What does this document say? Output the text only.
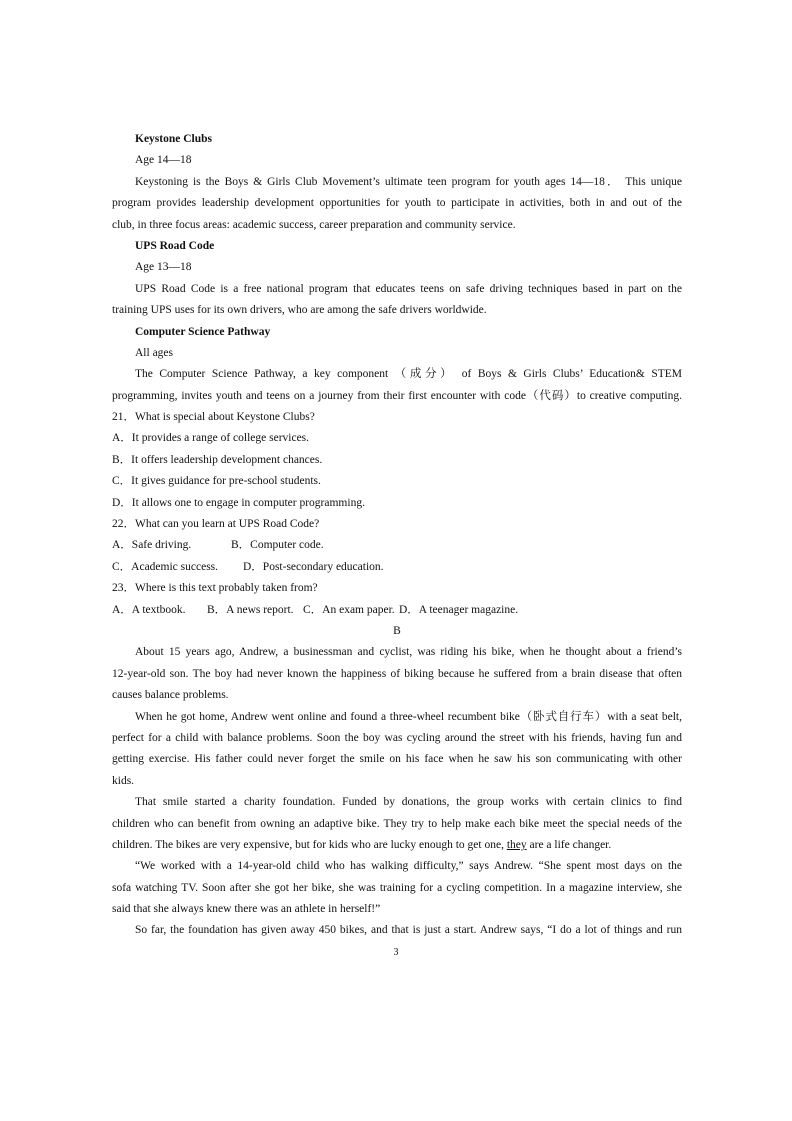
Keystone Clubs
Age 14—18
Keystoning is the Boys & Girls Club Movement’s ultimate teen program for youth ages 14—18． This unique
program provides leadership development opportunities for youth to participate in activities, both in and out of the
club, in three focus areas: academic success, career preparation and community service.
UPS Road Code
Age 13—18
UPS Road Code is a free national program that educates teens on safe driving techniques based in part on the
training UPS uses for its own drivers, who are among the safe drivers worldwide.
Computer Science Pathway
All ages
The Computer Science Pathway, a key component （成分） of Boys & Girls Clubs’ Education& STEM
programming, invites youth and teens on a journey from their first encounter with code（代码）to creative computing.
21．What is special about Keystone Clubs?
A．It provides a range of college services.
B．It offers leadership development chances.
C．It gives guidance for pre-school students.
D．It allows one to engage in computer programming.
22．What can you learn at UPS Road Code?
A．Safe driving.	B．Computer code.
C．Academic success. D．Post-secondary education.
23．Where is this text probably taken from?
A．A textbook. B．A news report. C．An exam paper. D．A teenager magazine.
B
About 15 years ago, Andrew, a businessman and cyclist, was riding his bike, when he thought about a friend’s
12-year-old son. The boy had never known the happiness of biking because he suffered from a brain disease that often
causes balance problems.
When he got home, Andrew went online and found a three-wheel recumbent bike（卧式自行车）with a seat belt,
perfect for a child with balance problems. Soon the boy was cycling around the street with his friends, having fun and
getting exercise. His father could never forget the smile on his face when he saw his son communicating with other
kids.
That smile started a charity foundation. Funded by donations, the group works with certain clinics to find
children who can benefit from owning an adaptive bike. They try to help make each bike meet the special needs of the
children. The bikes are very expensive, but for kids who are lucky enough to get one, they are a life changer.
“We worked with a 14-year-old child who has walking difficulty,” says Andrew. “She spent most days on the
sofa watching TV. Soon after she got her bike, she was training for a cycling competition. In a magazine interview, she
said that she always knew there was an athlete in herself!”
So far, the foundation has given away 450 bikes, and that is just a start. Andrew says, “I do a lot of things and run
3
